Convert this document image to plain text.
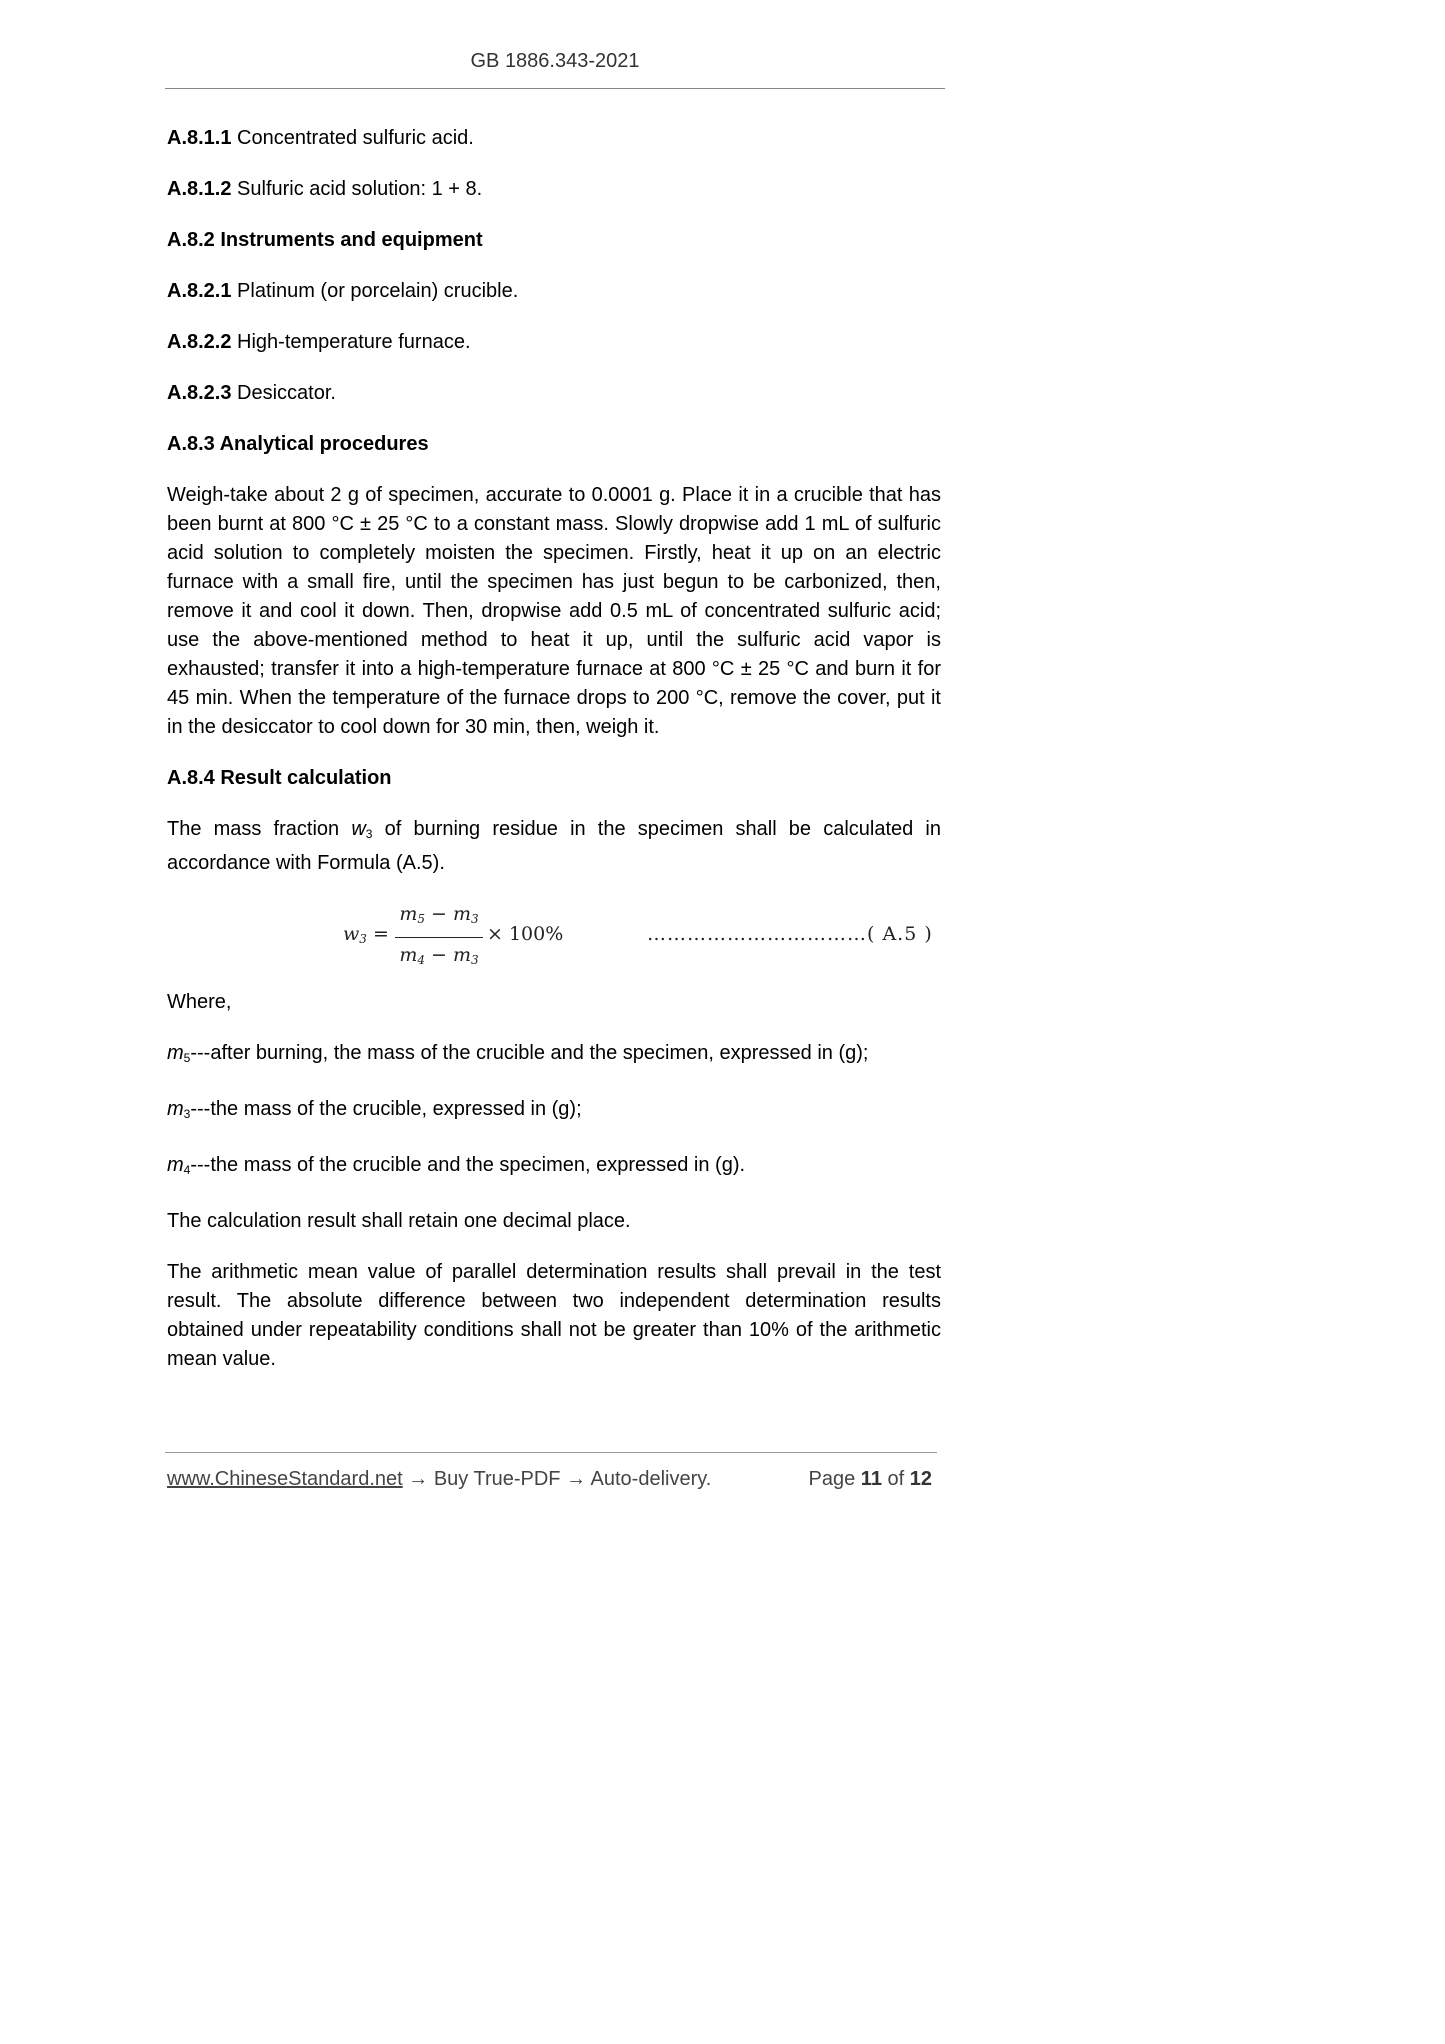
GB 1886.343-2021
A.8.1.1 Concentrated sulfuric acid.
A.8.1.2 Sulfuric acid solution: 1 + 8.
A.8.2 Instruments and equipment
A.8.2.1 Platinum (or porcelain) crucible.
A.8.2.2 High-temperature furnace.
A.8.2.3 Desiccator.
A.8.3 Analytical procedures

Weigh-take about 2 g of specimen, accurate to 0.0001 g. Place it in a crucible that has been burnt at 800 °C ± 25 °C to a constant mass. Slowly dropwise add 1 mL of sulfuric acid solution to completely moisten the specimen. Firstly, heat it up on an electric furnace with a small fire, until the specimen has just begun to be carbonized, then, remove it and cool it down. Then, dropwise add 0.5 mL of concentrated sulfuric acid; use the above-mentioned method to heat it up, until the sulfuric acid vapor is exhausted; transfer it into a high-temperature furnace at 800 °C ± 25 °C and burn it for 45 min. When the temperature of the furnace drops to 200 °C, remove the cover, put it in the desiccator to cool down for 30 min, then, weigh it.

A.8.4 Result calculation

The mass fraction $w_3$ of burning residue in the specimen shall be calculated in accordance with Formula (A.5).

$w_3 = \frac{m_5 - m_3}{m_4 - m_3} \times 100\%$	……………………………( A.5 )
Where,
$m_5--$-after burning, the mass of the crucible and the specimen, expressed in (g);
$m_3--$-the mass of the crucible, expressed in (g);
$m_4--$-the mass of the crucible and the specimen, expressed in (g).

The calculation result shall retain one decimal place.

The arithmetic mean value of parallel determination results shall prevail in the test result. The absolute difference between two independent determination results obtained under repeatability conditions shall not be greater than 10% of the arithmetic mean value.

www.ChineseStandard.net → Buy True-PDF → Auto-delivery.	Page 11 of 12
